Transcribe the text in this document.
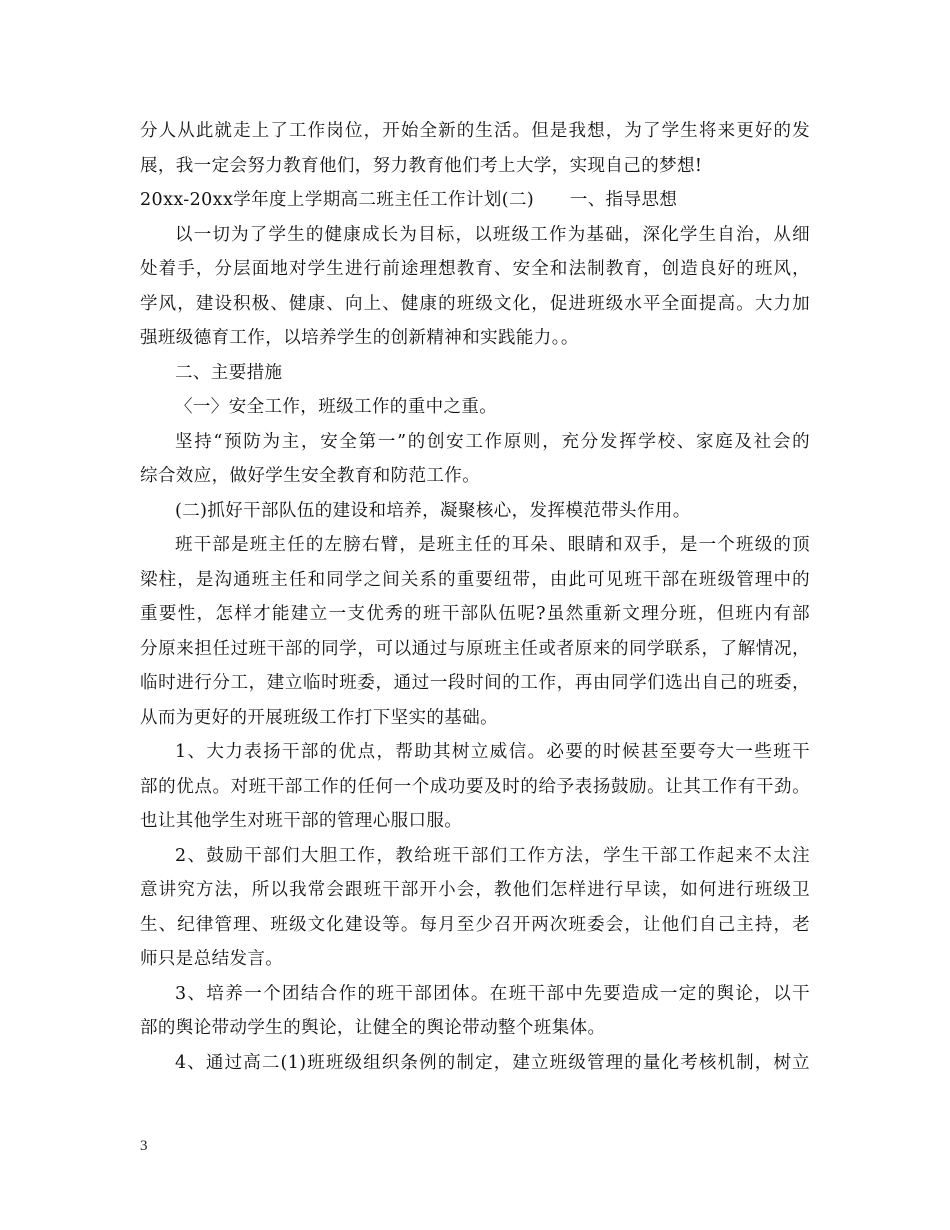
分人从此就走上了工作岗位，开始全新的生活。但是我想，为了学生将来更好的发
展，我一定会努力教育他们，努力教育他们考上大学，实现自己的梦想!
20xx-20xx学年度上学期高二班主任工作计划(二)　　一、指导思想
以一切为了学生的健康成长为目标，以班级工作为基础，深化学生自治，从细
处着手，分层面地对学生进行前途理想教育、安全和法制教育，创造良好的班风，
学风，建设积极、健康、向上、健康的班级文化，促进班级水平全面提高。大力加
强班级德育工作，以培养学生的创新精神和实践能力。。
二、主要措施
〈一〉安全工作，班级工作的重中之重。
坚持“预防为主，安全第一”的创安工作原则，充分发挥学校、家庭及社会的
综合效应，做好学生安全教育和防范工作。
(二)抓好干部队伍的建设和培养，凝聚核心，发挥模范带头作用。
班干部是班主任的左膀右臂，是班主任的耳朵、眼睛和双手，是一个班级的顶
梁柱，是沟通班主任和同学之间关系的重要纽带，由此可见班干部在班级管理中的
重要性，怎样才能建立一支优秀的班干部队伍呢?虽然重新文理分班，但班内有部
分原来担任过班干部的同学，可以通过与原班主任或者原来的同学联系，了解情况，
临时进行分工，建立临时班委，通过一段时间的工作，再由同学们选出自己的班委，
从而为更好的开展班级工作打下坚实的基础。
1、大力表扬干部的优点，帮助其树立威信。必要的时候甚至要夸大一些班干
部的优点。对班干部工作的任何一个成功要及时的给予表扬鼓励。让其工作有干劲。
也让其他学生对班干部的管理心服口服。
2、鼓励干部们大胆工作，教给班干部们工作方法，学生干部工作起来不太注
意讲究方法，所以我常会跟班干部开小会，教他们怎样进行早读，如何进行班级卫
生、纪律管理、班级文化建设等。每月至少召开两次班委会，让他们自己主持，老
师只是总结发言。
3、培养一个团结合作的班干部团体。在班干部中先要造成一定的舆论，以干
部的舆论带动学生的舆论，让健全的舆论带动整个班集体。
4、通过高二(1)班班级组织条例的制定，建立班级管理的量化考核机制，树立
3
